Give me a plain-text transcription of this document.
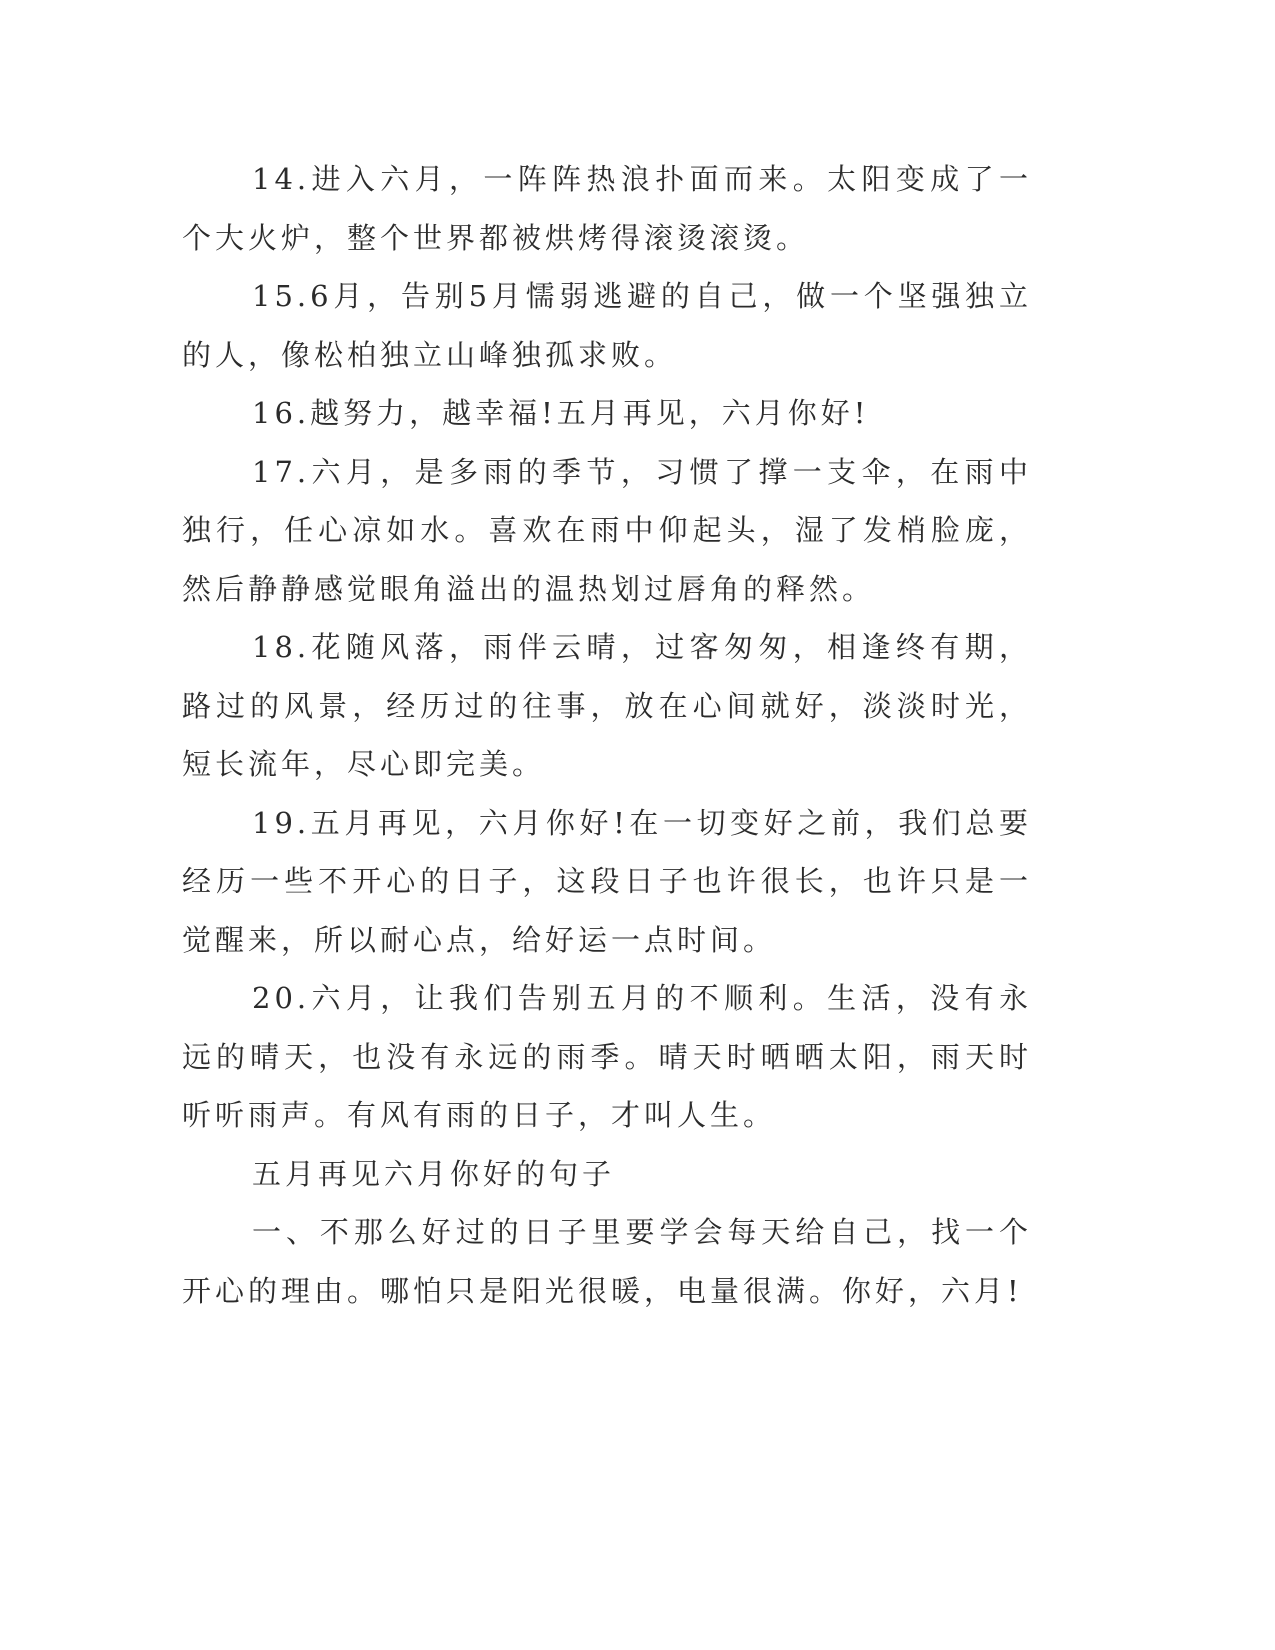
14.进入六月，一阵阵热浪扑面而来。太阳变成了一个大火炉，整个世界都被烘烤得滚烫滚烫。

15.6月，告别5月懦弱逃避的自己，做一个坚强独立的人，像松柏独立山峰独孤求败。

16.越努力，越幸福!五月再见，六月你好!

17.六月，是多雨的季节，习惯了撑一支伞，在雨中独行，任心凉如水。喜欢在雨中仰起头，湿了发梢脸庞，然后静静感觉眼角溢出的温热划过唇角的释然。

18.花随风落，雨伴云晴，过客匆匆，相逢终有期，路过的风景，经历过的往事，放在心间就好，淡淡时光，短长流年，尽心即完美。

19.五月再见，六月你好!在一切变好之前，我们总要经历一些不开心的日子，这段日子也许很长，也许只是一觉醒来，所以耐心点，给好运一点时间。

20.六月，让我们告别五月的不顺利。生活，没有永远的晴天，也没有永远的雨季。晴天时晒晒太阳，雨天时听听雨声。有风有雨的日子，才叫人生。

五月再见六月你好的句子

一、不那么好过的日子里要学会每天给自己，找一个开心的理由。哪怕只是阳光很暖，电量很满。你好，六月!
